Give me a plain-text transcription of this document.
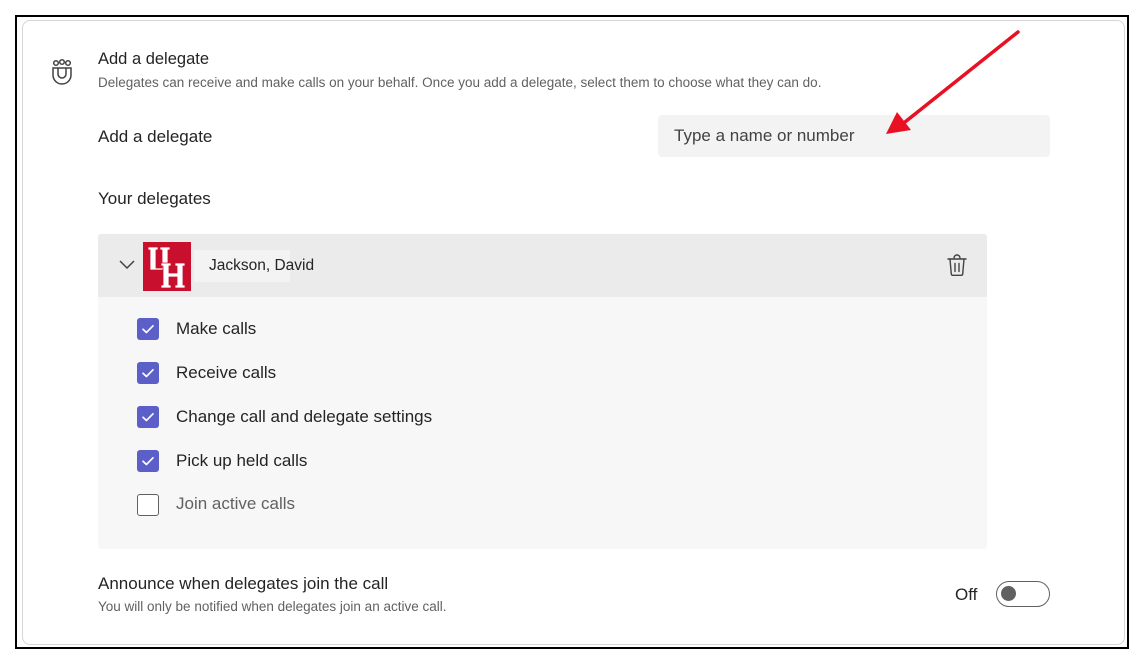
Add a delegate
Delegates can receive and make calls on your behalf. Once you add a delegate, select them to choose what they can do.
Add a delegate
Type a name or number
Your delegates
Jackson, David
Make calls
Receive calls
Change call and delegate settings
Pick up held calls
Join active calls
Announce when delegates join the call
You will only be notified when delegates join an active call.
Off
